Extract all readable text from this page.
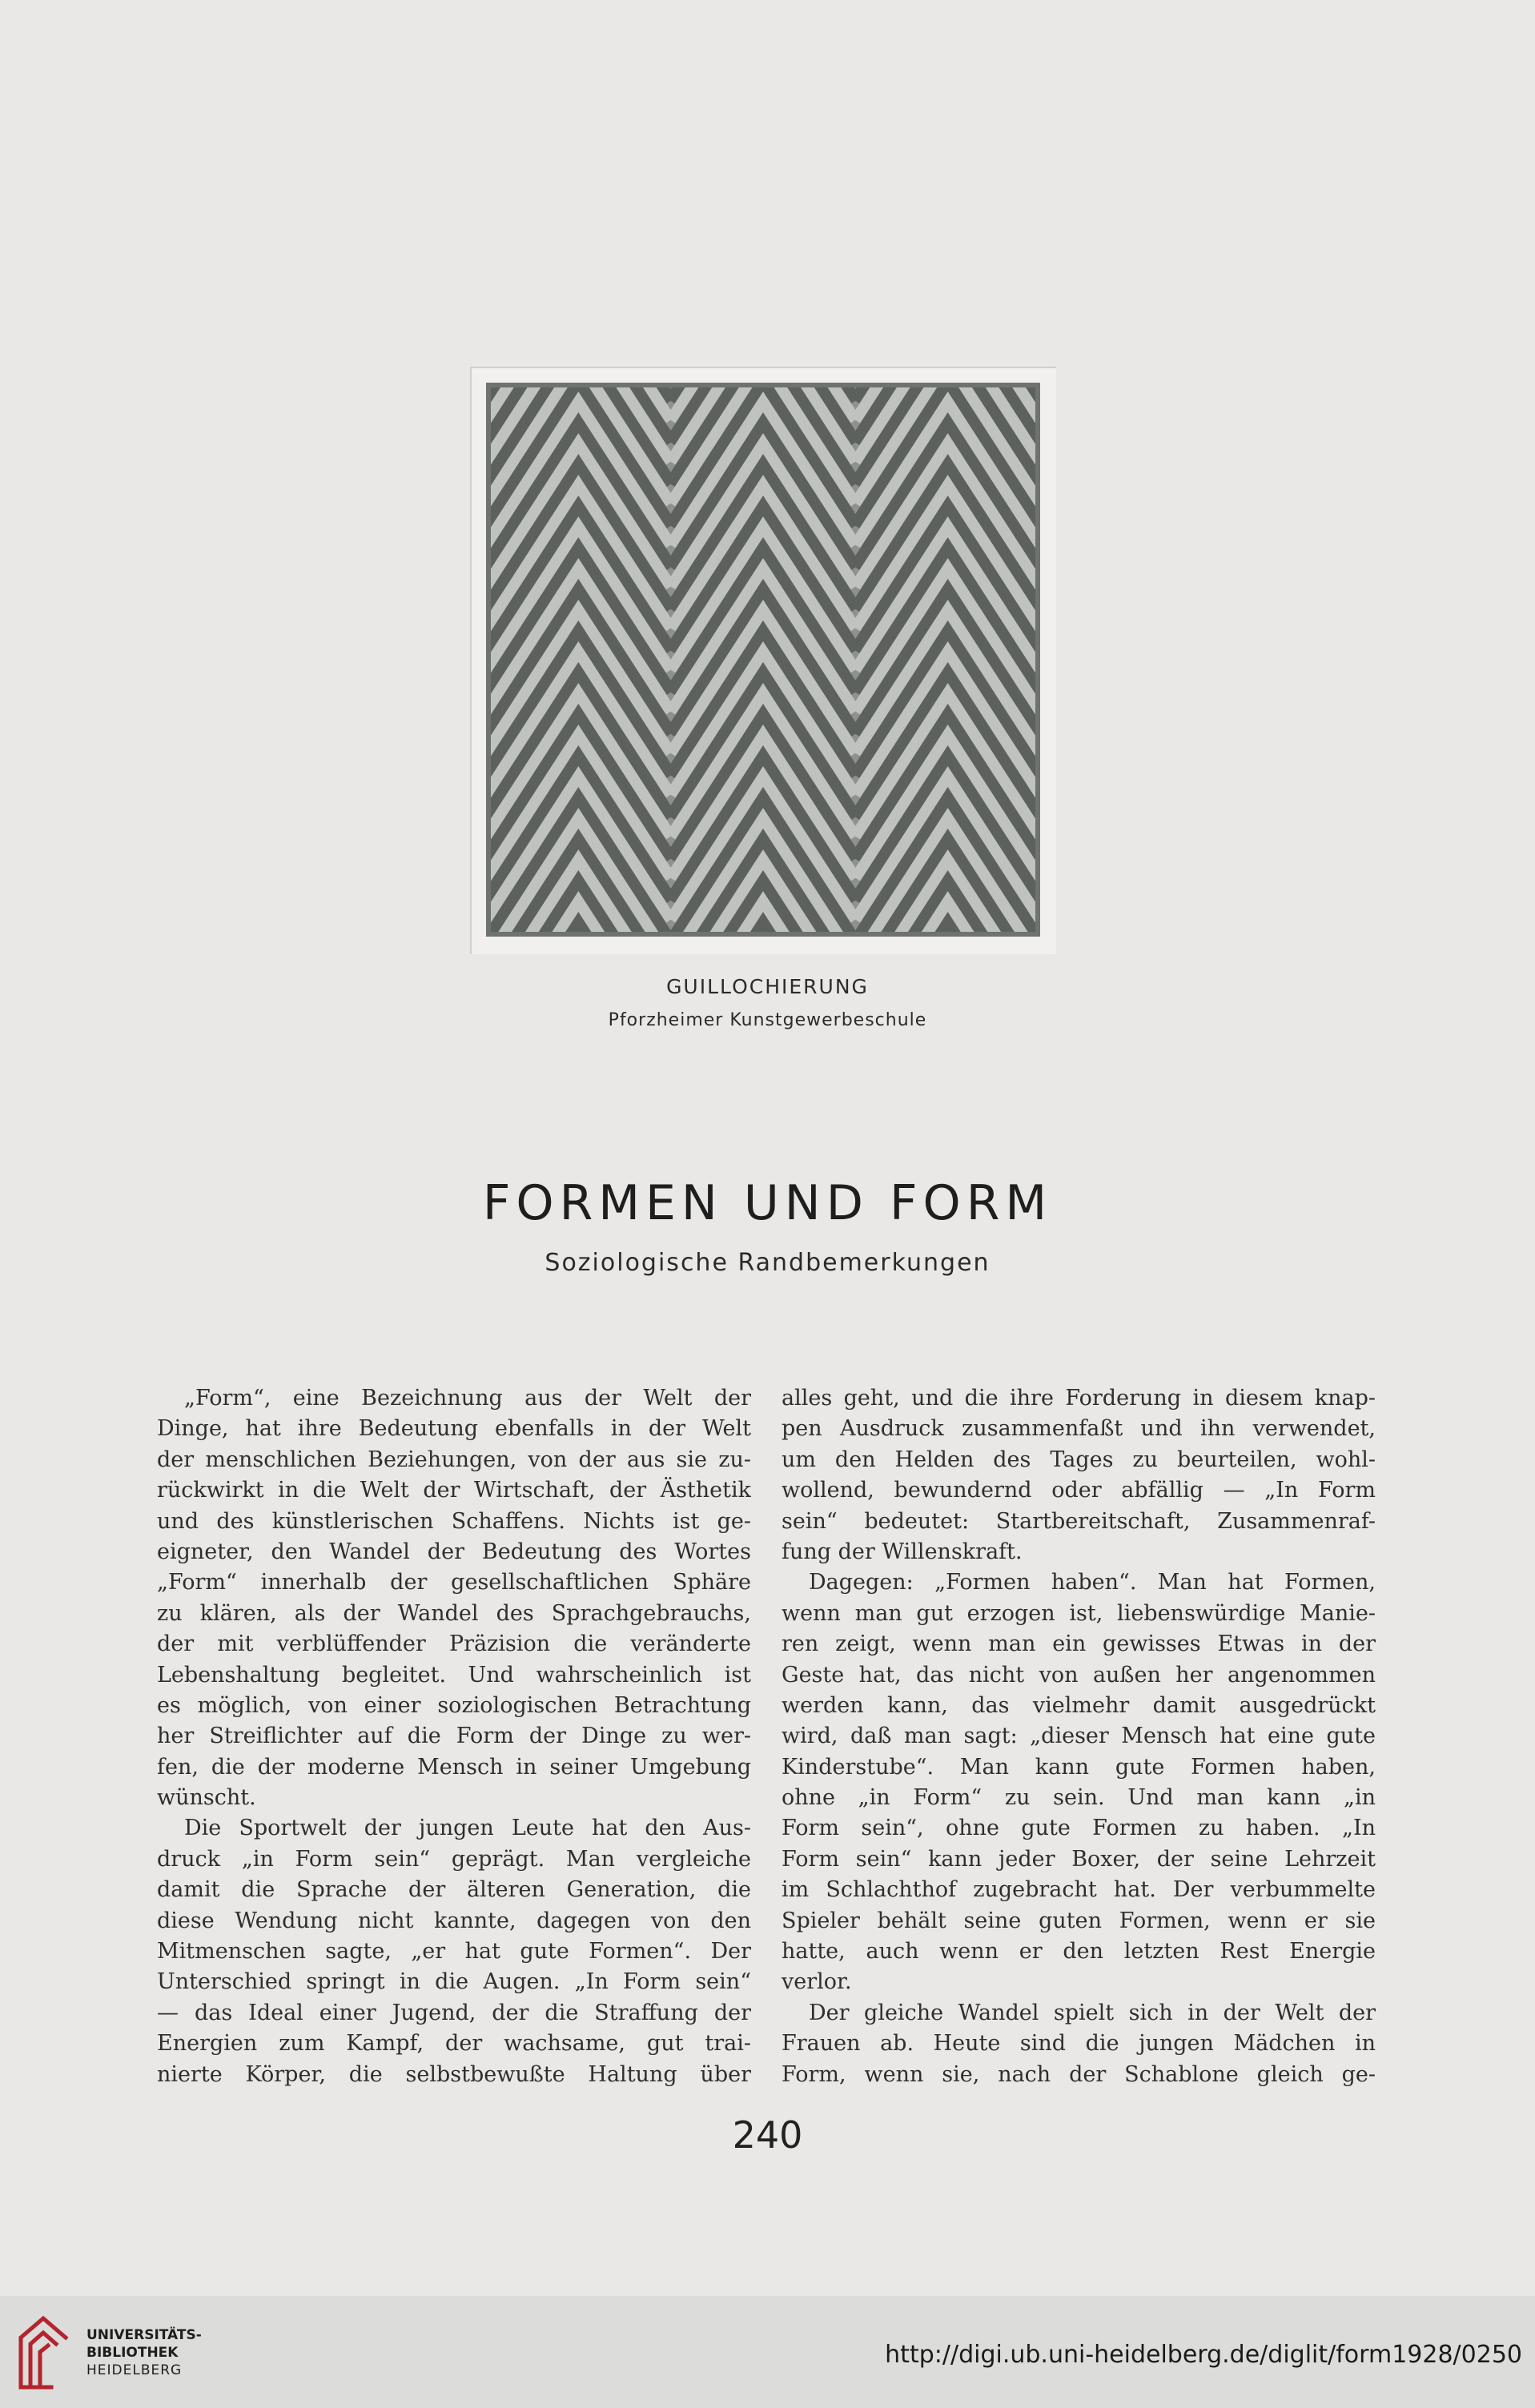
GUILLOCHIERUNG
Pforzheimer Kunstgewerbeschule
FORMEN UND FORM
Soziologische Randbemerkungen
„Form“, eine Bezeichnung aus der Welt der
Dinge, hat ihre Bedeutung ebenfalls in der Welt
der menschlichen Beziehungen, von der aus sie zu-
rückwirkt in die Welt der Wirtschaft, der Ästhetik
und des künstlerischen Schaffens. Nichts ist ge-
eigneter, den Wandel der Bedeutung des Wortes
„Form“ innerhalb der gesellschaftlichen Sphäre
zu klären, als der Wandel des Sprachgebrauchs,
der mit verblüffender Präzision die veränderte
Lebenshaltung begleitet. Und wahrscheinlich ist
es möglich, von einer soziologischen Betrachtung
her Streiflichter auf die Form der Dinge zu wer-
fen, die der moderne Mensch in seiner Umgebung
wünscht.
Die Sportwelt der jungen Leute hat den Aus-
druck „in Form sein“ geprägt. Man vergleiche
damit die Sprache der älteren Generation, die
diese Wendung nicht kannte, dagegen von den
Mitmenschen sagte, „er hat gute Formen“. Der
Unterschied springt in die Augen. „In Form sein“
— das Ideal einer Jugend, der die Straffung der
Energien zum Kampf, der wachsame, gut trai-
nierte Körper, die selbstbewußte Haltung über
alles geht, und die ihre Forderung in diesem knap-
pen Ausdruck zusammenfaßt und ihn verwendet,
um den Helden des Tages zu beurteilen, wohl-
wollend, bewundernd oder abfällig — „In Form
sein“ bedeutet: Startbereitschaft, Zusammenraf-
fung der Willenskraft.
Dagegen: „Formen haben“. Man hat Formen,
wenn man gut erzogen ist, liebenswürdige Manie-
ren zeigt, wenn man ein gewisses Etwas in der
Geste hat, das nicht von außen her angenommen
werden kann, das vielmehr damit ausgedrückt
wird, daß man sagt: „dieser Mensch hat eine gute
Kinderstube“. Man kann gute Formen haben,
ohne „in Form“ zu sein. Und man kann „in
Form sein“, ohne gute Formen zu haben. „In
Form sein“ kann jeder Boxer, der seine Lehrzeit
im Schlachthof zugebracht hat. Der verbummelte
Spieler behält seine guten Formen, wenn er sie
hatte, auch wenn er den letzten Rest Energie
verlor.
Der gleiche Wandel spielt sich in der Welt der
Frauen ab. Heute sind die jungen Mädchen in
Form, wenn sie, nach der Schablone gleich ge-
240
UNIVERSITÄTS-
BIBLIOTHEK
HEIDELBERG
http://digi.ub.uni-heidelberg.de/diglit/form1928/0250
